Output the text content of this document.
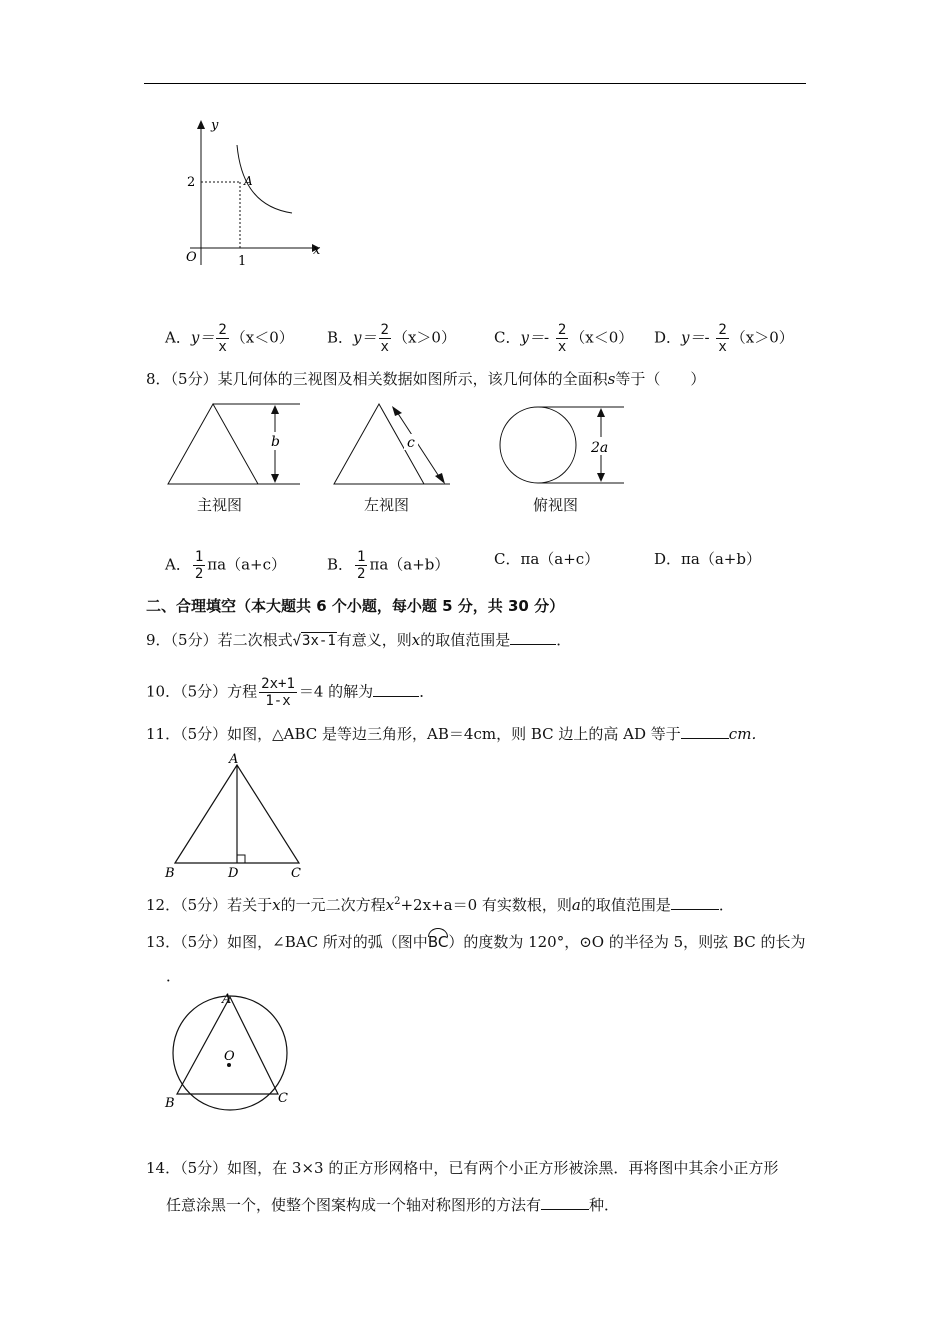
y
x
O
2
1
A
A．$y= \frac{2}{x} (x<0)$ B．$y= \frac{2}{x} (x>0)$	C．$y=- \frac{2}{x} (x<0)$ D．$y=- \frac{2}{x} (x>0)$
8．（5分）某几何体的三视图及相关数据如图所示，该几何体的全面积s等于（　　）
b
主视图
c
左视图
2a
俯视图
A． $\frac{1}{2} \pi a(a+c)$	B． $\frac{1}{2} \pi a(a+b)$	C．πa（a+c）	D．πa（a+b）
二、合理填空（本大题共 6 个小题，每小题 5 分，共 30 分）
9．（5分）若二次根式√3x-1有意义，则x的取值范围是	．
10．（5分）方程 $\frac{2x+1}{1-x} =4$ 的解为	．
11．（5分）如图，△ABC 是等边三角形，AB＝4cm，则 BC 边上的高 AD 等于	cm．
A
B	C
D
12．（5分）若关于x的一元二次方程$x^2+2x+a=0$ 有实数根，则a的取值范围是	．
13．（5分）如图，∠BAC 所对的弧（图中BC）的度数为 120°，⊙O 的半径为 5，则弦 BC 的长为
．
A
B	C
O
14．（5分）如图，在 3×3 的正方形网格中，已有两个小正方形被涂黑．再将图中其余小正方形
任意涂黑一个，使整个图案构成一个轴对称图形的方法有	种．
